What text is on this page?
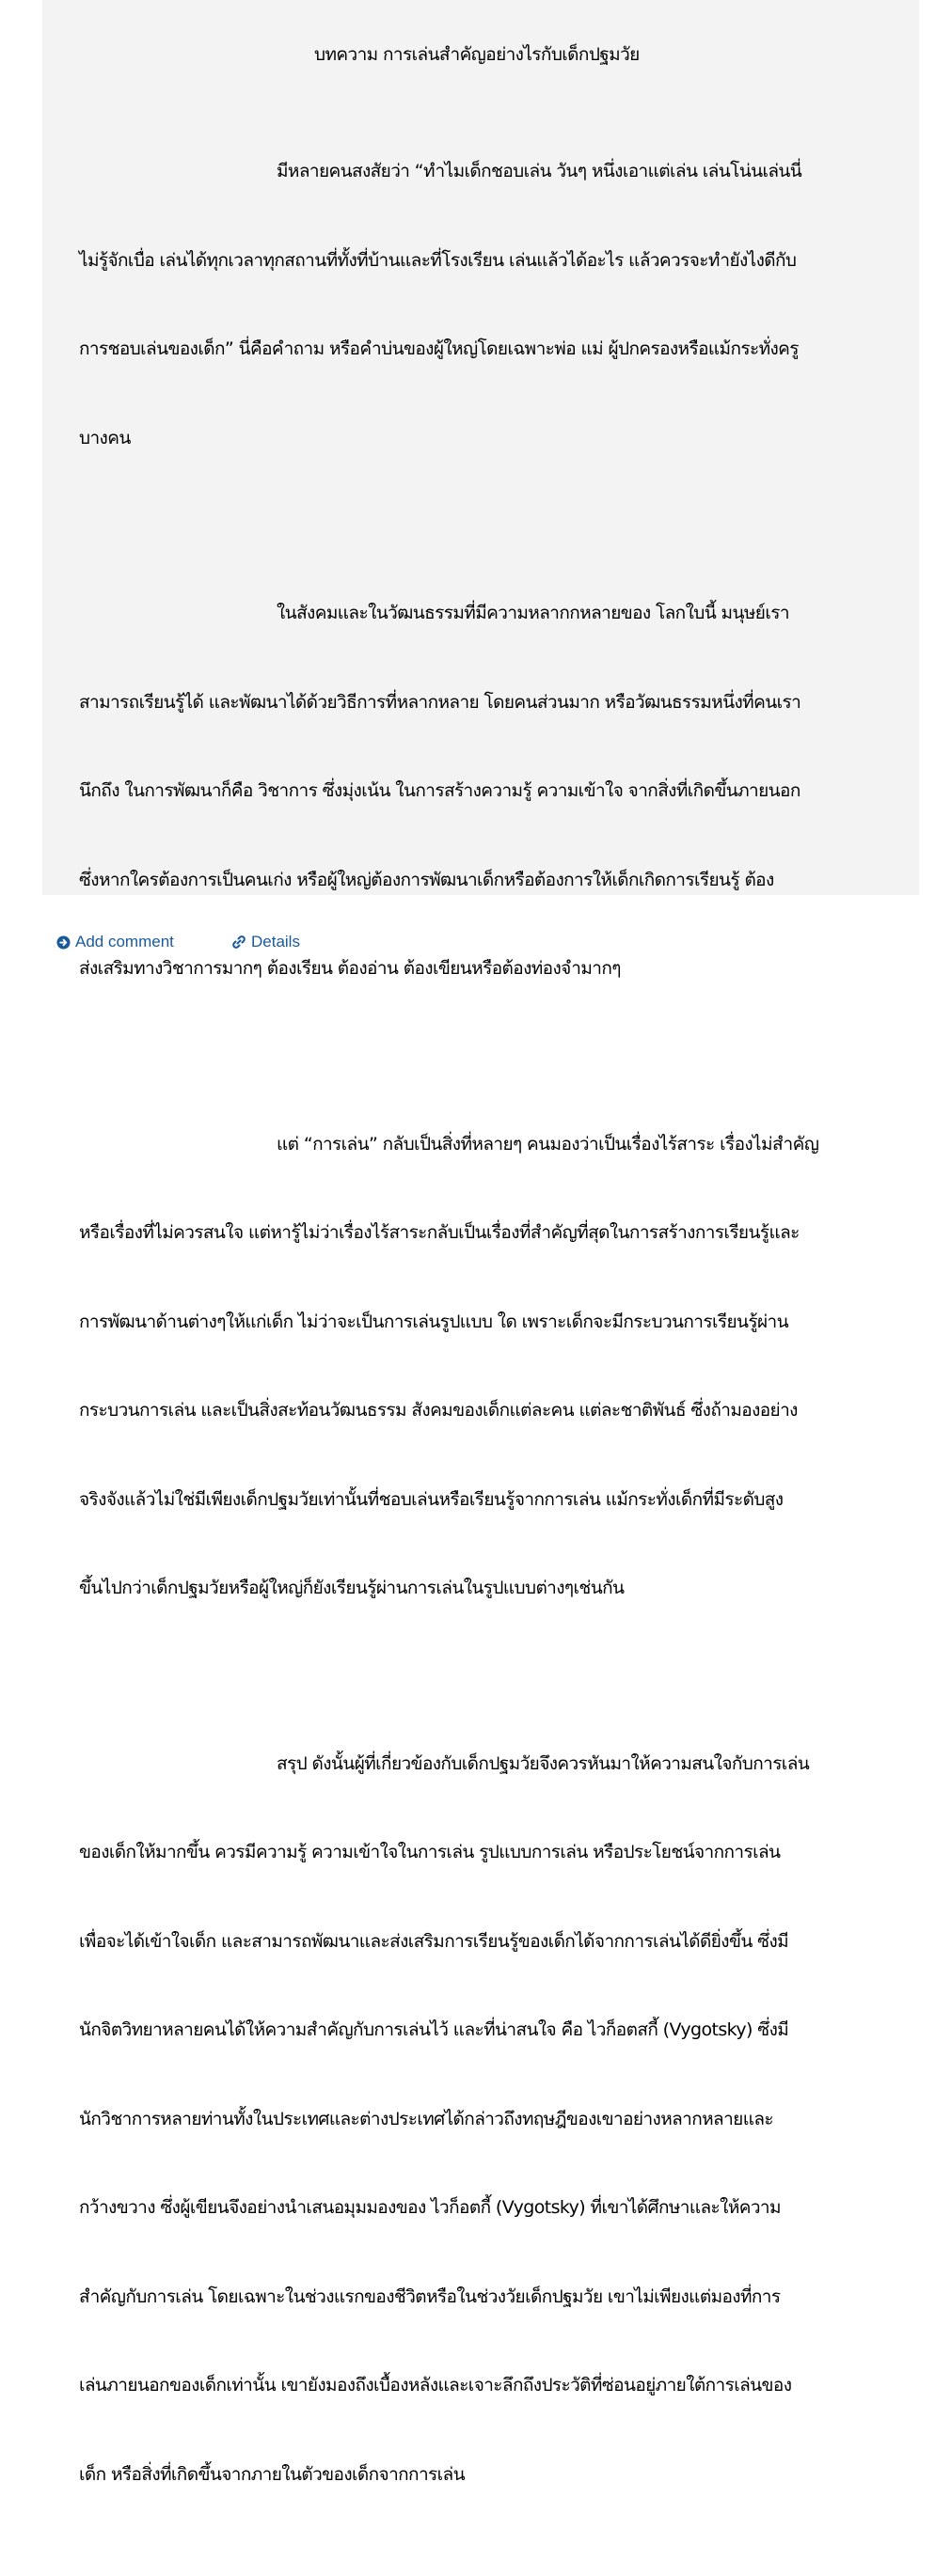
บทความ การเล่นสำคัญอย่างไรกับเด็กปฐมวัย

มีหลายคนสงสัยว่า “ทำไมเด็กชอบเล่น วันๆ หนึ่งเอาแต่เล่น เล่นโน่นเล่นนี่

ไม่รู้จักเบื่อ เล่นได้ทุกเวลาทุกสถานที่ทั้งที่บ้านและที่โรงเรียน เล่นแล้วได้อะไร แล้วควรจะทำยังไงดีกับ

การชอบเล่นของเด็ก” นี่คือคำถาม หรือคำบ่นของผู้ใหญ่โดยเฉพาะพ่อ แม่ ผู้ปกครองหรือแม้กระทั่งครู

บางคน

ในสังคมและในวัฒนธรรมที่มีความหลากกหลายของ โลกใบนี้ มนุษย์เรา

สามารถเรียนรู้ได้ และพัฒนาได้ด้วยวิธีการที่หลากหลาย โดยคนส่วนมาก หรือวัฒนธรรมหนึ่งที่คนเรา

นึกถึง ในการพัฒนาก็คือ วิชาการ ซึ่งมุ่งเน้น ในการสร้างความรู้ ความเข้าใจ จากสิ่งที่เกิดขึ้นภายนอก

ซึ่งหากใครต้องการเป็นคนเก่ง หรือผู้ใหญ่ต้องการพัฒนาเด็กหรือต้องการให้เด็กเกิดการเรียนรู้ ต้อง

ส่งเสริมทางวิชาการมากๆ ต้องเรียน ต้องอ่าน ต้องเขียนหรือต้องท่องจำมากๆ

แต่ “การเล่น” กลับเป็นสิ่งที่หลายๆ คนมองว่าเป็นเรื่องไร้สาระ เรื่องไม่สำคัญ

หรือเรื่องที่ไม่ควรสนใจ แต่หารู้ไม่ว่าเรื่องไร้สาระกลับเป็นเรื่องที่สำคัญที่สุดในการสร้างการเรียนรู้และ

การพัฒนาด้านต่างๆให้แก่เด็ก ไม่ว่าจะเป็นการเล่นรูปแบบ ใด เพราะเด็กจะมีกระบวนการเรียนรู้ผ่าน

กระบวนการเล่น และเป็นสิ่งสะท้อนวัฒนธรรม สังคมของเด็กแต่ละคน แต่ละชาติพันธ์ ซึ่งถ้ามองอย่าง

จริงจังแล้วไม่ใช่มีเพียงเด็กปฐมวัยเท่านั้นที่ชอบเล่นหรือเรียนรู้จากการเล่น แม้กระทั่งเด็กที่มีระดับสูง

ขึ้นไปกว่าเด็กปฐมวัยหรือผู้ใหญ่ก็ยังเรียนรู้ผ่านการเล่นในรูปแบบต่างๆเช่นกัน

สรุป ดังนั้นผู้ที่เกี่ยวข้องกับเด็กปฐมวัยจึงควรหันมาให้ความสนใจกับการเล่น

ของเด็กให้มากขึ้น ควรมีความรู้ ความเข้าใจในการเล่น รูปแบบการเล่น หรือประโยชน์จากการเล่น

เพื่อจะได้เข้าใจเด็ก และสามารถพัฒนาและส่งเสริมการเรียนรู้ของเด็กได้จากการเล่นได้ดียิ่งขึ้น ซึ่งมี

นักจิตวิทยาหลายคนได้ให้ความสำคัญกับการเล่นไว้ และที่น่าสนใจ คือ ไวก็อตสกี้ (Vygotsky) ซึ่งมี

นักวิชาการหลายท่านทั้งในประเทศและต่างประเทศได้กล่าวถึงทฤษฎีของเขาอย่างหลากหลายและ

กว้างขวาง ซึ่งผู้เขียนจึงอย่างนำเสนอมุมมองของ ไวก็อตกี้ (Vygotsky) ที่เขาได้ศึกษาและให้ความ

สำคัญกับการเล่น โดยเฉพาะในช่วงแรกของชีวิตหรือในช่วงวัยเด็กปฐมวัย เขาไม่เพียงแต่มองที่การ

เล่นภายนอกของเด็กเท่านั้น เขายังมองถึงเบื้องหลังและเจาะลึกถึงประวัติที่ซ่อนอยู่ภายใต้การเล่นของ

เด็ก หรือสิ่งที่เกิดขึ้นจากภายในตัวของเด็กจากการเล่น

Add comment	Details
